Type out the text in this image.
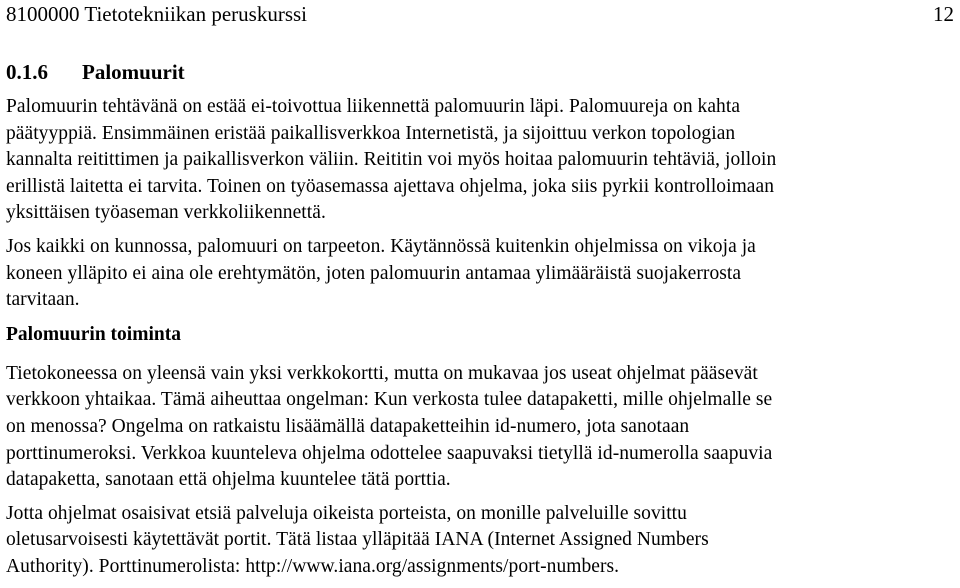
8100000 Tietotekniikan peruskurssi	12
0.1.6 Palomuurit

Palomuurin tehtävänä on estää ei-toivottua liikennettä palomuurin läpi. Palomuureja on kahta
päätyyppiä. Ensimmäinen eristää paikallisverkkoa Internetistä, ja sijoittuu verkon topologian
kannalta reitittimen ja paikallisverkon väliin. Reititin voi myös hoitaa palomuurin tehtäviä, jolloin
erillistä laitetta ei tarvita. Toinen on työasemassa ajettava ohjelma, joka siis pyrkii kontrolloimaan
yksittäisen työaseman verkkoliikennettä.

Jos kaikki on kunnossa, palomuuri on tarpeeton. Käytännössä kuitenkin ohjelmissa on vikoja ja
koneen ylläpito ei aina ole erehtymätön, joten palomuurin antamaa ylimääräistä suojakerrosta
tarvitaan.

Palomuurin toiminta

Tietokoneessa on yleensä vain yksi verkkokortti, mutta on mukavaa jos useat ohjelmat pääsevät
verkkoon yhtaikaa. Tämä aiheuttaa ongelman: Kun verkosta tulee datapaketti, mille ohjelmalle se
on menossa? Ongelma on ratkaistu lisäämällä datapaketteihin id-numero, jota sanotaan
porttinumeroksi. Verkkoa kuunteleva ohjelma odottelee saapuvaksi tietyllä id-numerolla saapuvia
datapaketta, sanotaan että ohjelma kuuntelee tätä porttia.

Jotta ohjelmat osaisivat etsiä palveluja oikeista porteista, on monille palveluille sovittu
oletusarvoisesti käytettävät portit. Tätä listaa ylläpitää IANA (Internet Assigned Numbers
Authority). Porttinumerolista: http://www.iana.org/assignments/port-numbers.
